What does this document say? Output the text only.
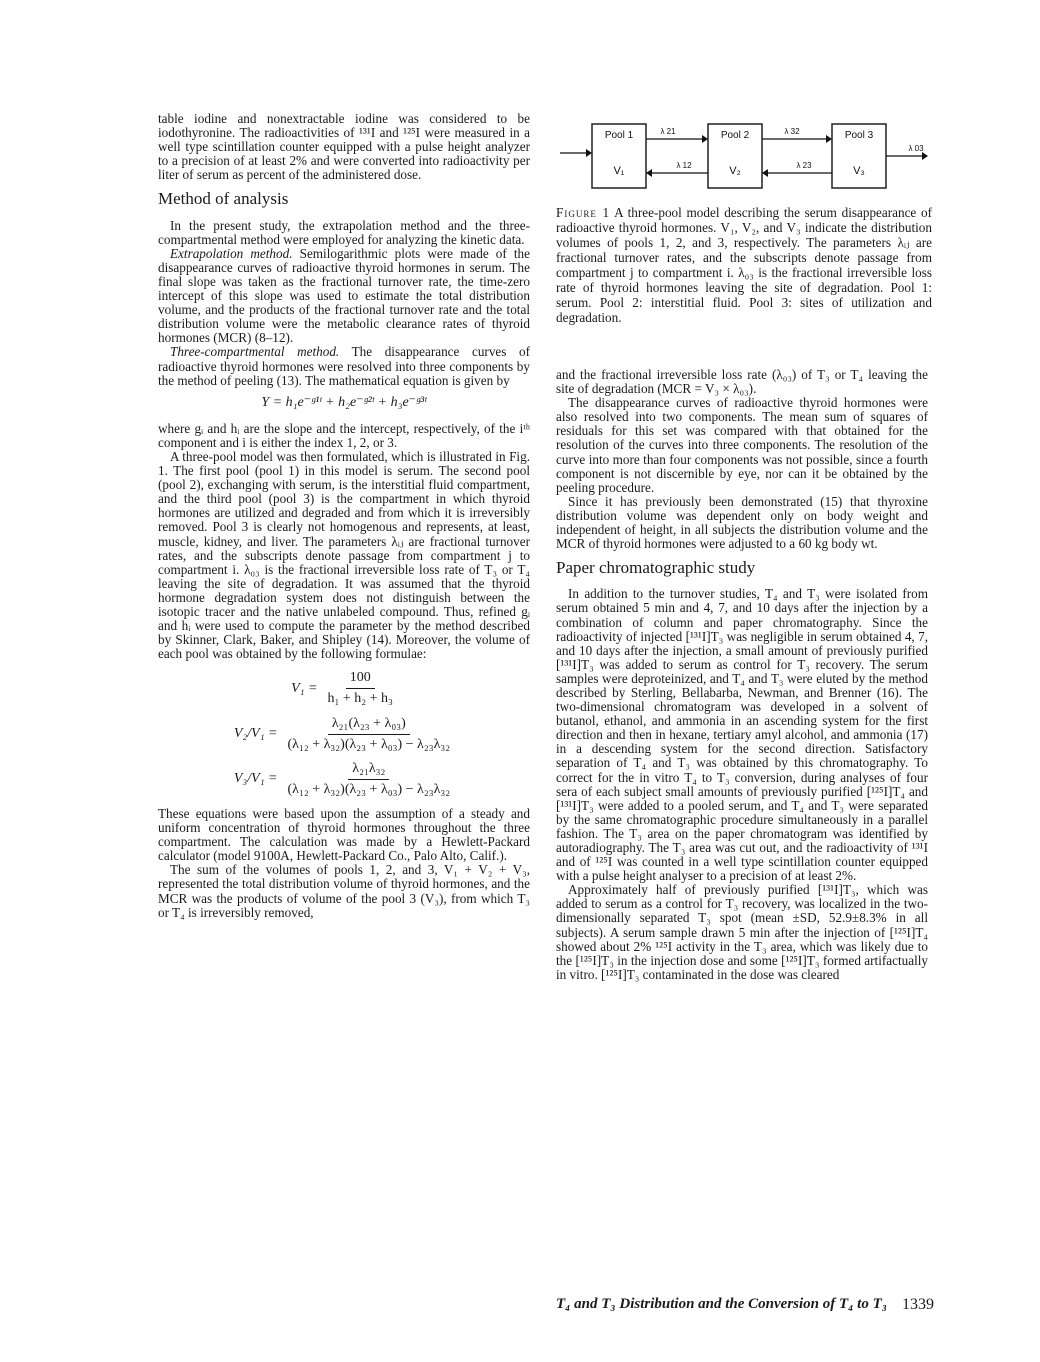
table iodine and nonextractable iodine was considered to be iodothyronine. The radioactivities of ¹³¹I and ¹²⁵I were measured in a well type scintillation counter equipped with a pulse height analyzer to a precision of at least 2% and were converted into radioactivity per liter of serum as percent of the administered dose.

Method of analysis

In the present study, the extrapolation method and the three-compartmental method were employed for analyzing the kinetic data.

Extrapolation method. Semilogarithmic plots were made of the disappearance curves of radioactive thyroid hormones in serum. The final slope was taken as the fractional turnover rate, the time-zero intercept of this slope was used to estimate the total distribution volume, and the products of the fractional turnover rate and the total distribution volume were the metabolic clearance rates of thyroid hormones (MCR) (8–12).

Three-compartmental method. The disappearance curves of radioactive thyroid hormones were resolved into three components by the method of peeling (13). The mathematical equation is given by

Y = h₁e⁻ᵍ¹ᵗ + h₂e⁻ᵍ²ᵗ + h₃e⁻ᵍ³ᵗ

where gᵢ and hᵢ are the slope and the intercept, respectively, of the iᵗʰ component and i is either the index 1, 2, or 3.

A three-pool model was then formulated, which is illustrated in Fig. 1. The first pool (pool 1) in this model is serum. The second pool (pool 2), exchanging with serum, is the interstitial fluid compartment, and the third pool (pool 3) is the compartment in which thyroid hormones are utilized and degraded and from which it is irreversibly removed. Pool 3 is clearly not homogenous and represents, at least, muscle, kidney, and liver. The parameters λᵢⱼ are fractional turnover rates, and the subscripts denote passage from compartment j to compartment i. λ₀₃ is the fractional irreversible loss rate of T₃ or T₄ leaving the site of degradation. It was assumed that the thyroid hormone degradation system does not distinguish between the isotopic tracer and the native unlabeled compound. Thus, refined gᵢ and hᵢ were used to compute the parameter by the method described by Skinner, Clark, Baker, and Shipley (14). Moreover, the volume of each pool was obtained by the following formulae:

$V_1 = \frac{100}{\text{h₁ + h₂ + h₃}}$
$V_2/V_1 = \frac{\text{λ₂₁(λ₂₃ + λ₀₃)}}{\text{(λ₁₂ + λ₃₂)(λ₂₃ + λ₀₃) − λ₂₃λ₃₂}}$
$V_3/V_1 = \frac{\text{λ₂₁λ₃₂}}{\text{(λ₁₂ + λ₃₂)(λ₂₃ + λ₀₃) − λ₂₃λ₃₂}}$

These equations were based upon the assumption of a steady and uniform concentration of thyroid hormones throughout the three compartment. The calculation was made by a Hewlett-Packard calculator (model 9100A, Hewlett-Packard Co., Palo Alto, Calif.).

The sum of the volumes of pools 1, 2, and 3, V₁ + V₂ + V₃, represented the total distribution volume of thyroid hormones, and the MCR was the products of volume of the pool 3 (V₃), from which T₃ or T₄ is irreversibly removed,

Pool 1	Pool 2	Pool 3
V₁	V₂	V₃
λ 21
λ 12
λ 32
λ 23
λ 03
Figure 1 A three-pool model describing the serum disappearance of radioactive thyroid hormones. V₁, V₂, and V₃ indicate the distribution volumes of pools 1, 2, and 3, respectively. The parameters λᵢⱼ are fractional turnover rates, and the subscripts denote passage from compartment j to compartment i. λ₀₃ is the fractional irreversible loss rate of thyroid hormones leaving the site of degradation. Pool 1: serum. Pool 2: interstitial fluid. Pool 3: sites of utilization and degradation.

and the fractional irreversible loss rate (λ₀₃) of T₃ or T₄ leaving the site of degradation (MCR = V₃ × λ₀₃).

The disappearance curves of radioactive thyroid hormones were also resolved into two components. The mean sum of squares of residuals for this set was compared with that obtained for the resolution of the curves into three components. The resolution of the curve into more than four components was not possible, since a fourth component is not discernible by eye, nor can it be obtained by the peeling procedure.

Since it has previously been demonstrated (15) that thyroxine distribution volume was dependent only on body weight and independent of height, in all subjects the distribution volume and the MCR of thyroid hormones were adjusted to a 60 kg body wt.

Paper chromatographic study

In addition to the turnover studies, T₄ and T₃ were isolated from serum obtained 5 min and 4, 7, and 10 days after the injection by a combination of column and paper chromatography. Since the radioactivity of injected [¹³¹I]T₃ was negligible in serum obtained 4, 7, and 10 days after the injection, a small amount of previously purified [¹³¹I]T₃ was added to serum as control for T₃ recovery. The serum samples were deproteinized, and T₄ and T₃ were eluted by the method described by Sterling, Bellabarba, Newman, and Brenner (16). The two-dimensional chromatogram was developed in a solvent of butanol, ethanol, and ammonia in an ascending system for the first direction and then in hexane, tertiary amyl alcohol, and ammonia (17) in a descending system for the second direction. Satisfactory separation of T₄ and T₃ was obtained by this chromatography. To correct for the in vitro T₄ to T₃ conversion, during analyses of four sera of each subject small amounts of previously purified [¹²⁵I]T₄ and [¹³¹I]T₃ were added to a pooled serum, and T₄ and T₃ were separated by the same chromatographic procedure simultaneously in a parallel fashion. The T₃ area on the paper chromatogram was identified by autoradiography. The T₃ area was cut out, and the radioactivity of ¹³¹I and of ¹²⁵I was counted in a well type scintillation counter equipped with a pulse height analyser to a precision of at least 2%.

Approximately half of previously purified [¹³¹I]T₃, which was added to serum as a control for T₃ recovery, was localized in the two-dimensionally separated T₃ spot (mean ±SD, 52.9±8.3% in all subjects). A serum sample drawn 5 min after the injection of [¹²⁵I]T₄ showed about 2% ¹²⁵I activity in the T₃ area, which was likely due to the [¹²⁵I]T₃ in the injection dose and some [¹²⁵I]T₃ formed artifactually in vitro. [¹²⁵I]T₃ contaminated in the dose was cleared

T₄ and T₃ Distribution and the Conversion of T₄ to T₃ 1339
